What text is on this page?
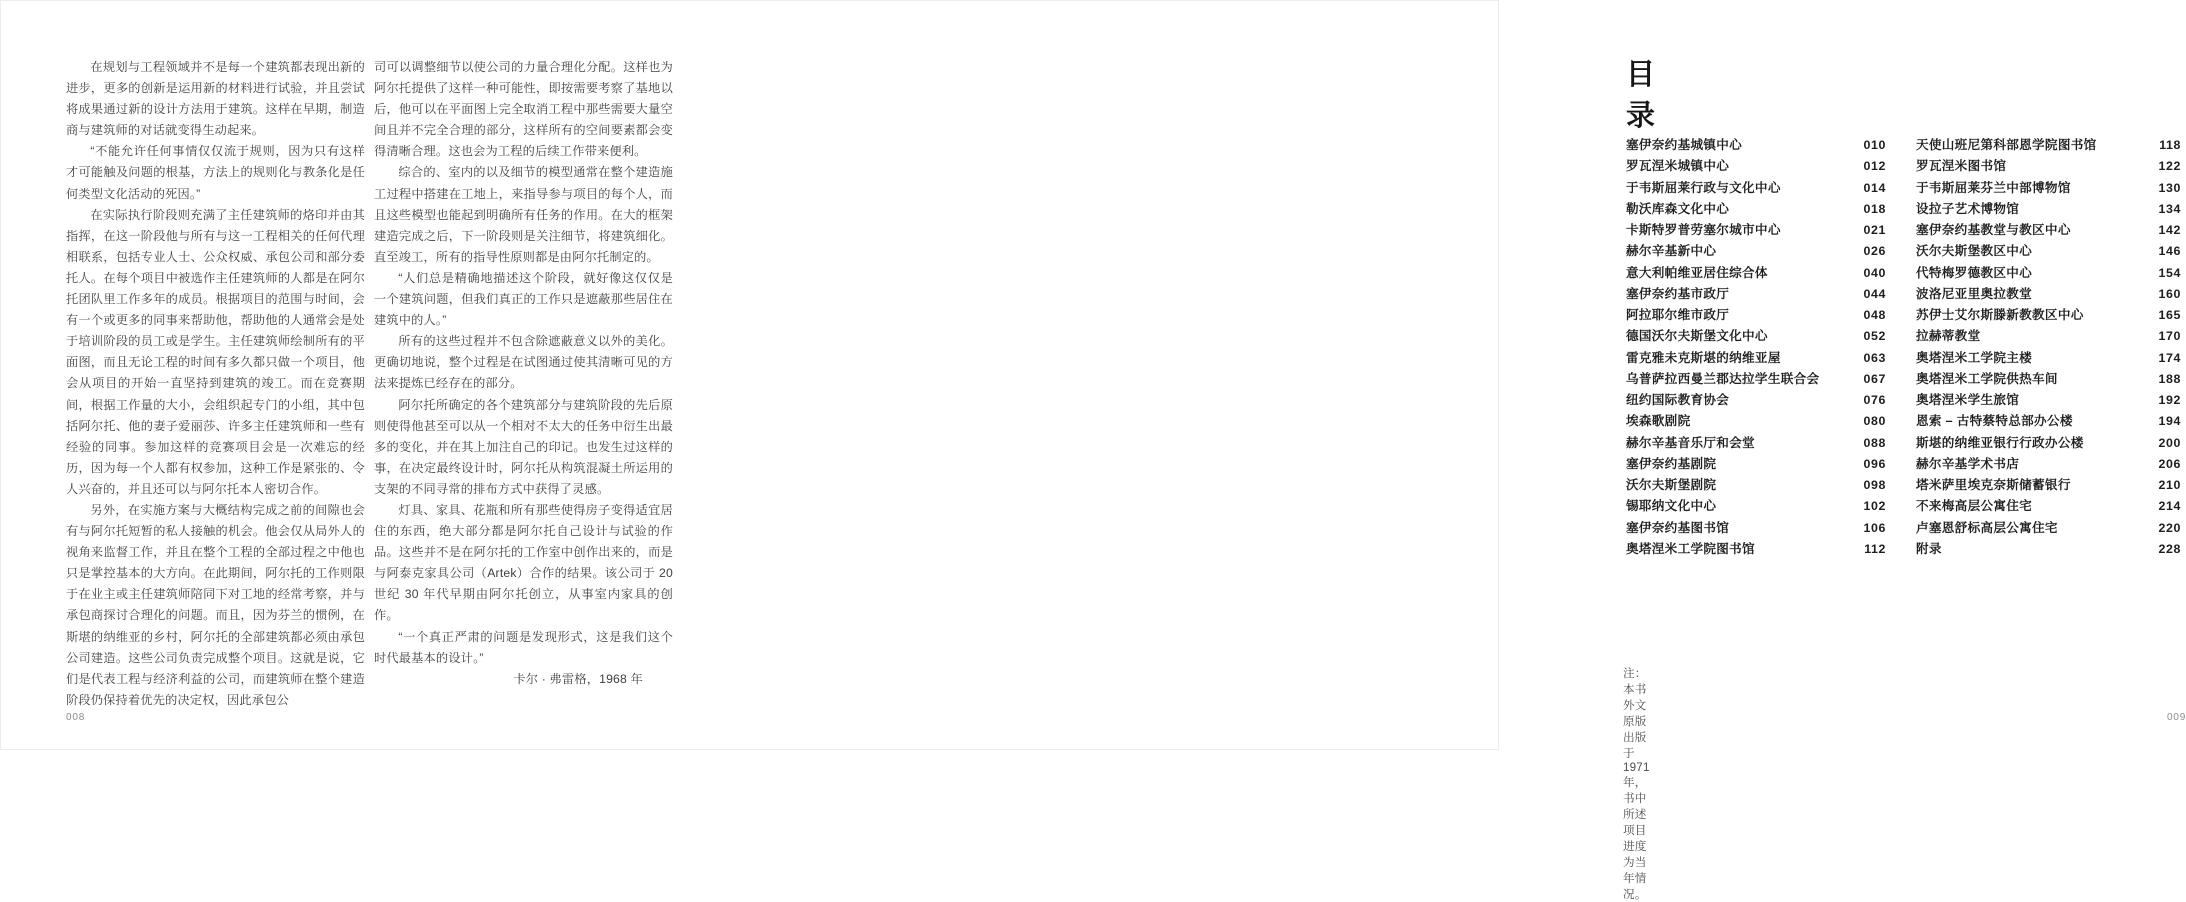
在规划与工程领域并不是每一个建筑都表现出新的进步，更多的创新是运用新的材料进行试验，并且尝试将成果通过新的设计方法用于建筑。这样在早期，制造商与建筑师的对话就变得生动起来。

“不能允许任何事情仅仅流于规则，因为只有这样才可能触及问题的根基，方法上的规则化与教条化是任何类型文化活动的死因。”

在实际执行阶段则充满了主任建筑师的烙印并由其指挥，在这一阶段他与所有与这一工程相关的任何代理相联系，包括专业人士、公众权威、承包公司和部分委托人。在每个项目中被选作主任建筑师的人都是在阿尔托团队里工作多年的成员。根据项目的范围与时间，会有一个或更多的同事来帮助他，帮助他的人通常会是处于培训阶段的员工或是学生。主任建筑师绘制所有的平面图，而且无论工程的时间有多久都只做一个项目，他会从项目的开始一直坚持到建筑的竣工。而在竞赛期间，根据工作量的大小，会组织起专门的小组，其中包括阿尔托、他的妻子爱丽莎、许多主任建筑师和一些有经验的同事。参加这样的竞赛项目会是一次难忘的经历，因为每一个人都有权参加，这种工作是紧张的、令人兴奋的，并且还可以与阿尔托本人密切合作。

另外，在实施方案与大概结构完成之前的间隙也会有与阿尔托短暂的私人接触的机会。他会仅从局外人的视角来监督工作，并且在整个工程的全部过程之中他也只是掌控基本的大方向。在此期间，阿尔托的工作则限于在业主或主任建筑师陪同下对工地的经常考察，并与承包商探讨合理化的问题。而且，因为芬兰的惯例，在斯堪的纳维亚的乡村，阿尔托的全部建筑都必须由承包公司建造。这些公司负责完成整个项目。这就是说，它们是代表工程与经济利益的公司，而建筑师在整个建造阶段仍保持着优先的决定权，因此承包公

司可以调整细节以使公司的力量合理化分配。这样也为阿尔托提供了这样一种可能性，即按需要考察了基地以后，他可以在平面图上完全取消工程中那些需要大量空间且并不完全合理的部分，这样所有的空间要素都会变得清晰合理。这也会为工程的后续工作带来便利。

综合的、室内的以及细节的模型通常在整个建造施工过程中搭建在工地上，来指导参与项目的每个人，而且这些模型也能起到明确所有任务的作用。在大的框架建造完成之后，下一阶段则是关注细节，将建筑细化。直至竣工，所有的指导性原则都是由阿尔托制定的。

“人们总是精确地描述这个阶段，就好像这仅仅是一个建筑问题，但我们真正的工作只是遮蔽那些居住在建筑中的人。”

所有的这些过程并不包含除遮蔽意义以外的美化。更确切地说，整个过程是在试图通过使其清晰可见的方法来提炼已经存在的部分。

阿尔托所确定的各个建筑部分与建筑阶段的先后原则使得他甚至可以从一个相对不太大的任务中衍生出最多的变化，并在其上加注自己的印记。也发生过这样的事，在决定最终设计时，阿尔托从构筑混凝土所运用的支架的不同寻常的排布方式中获得了灵感。

灯具、家具、花瓶和所有那些使得房子变得适宜居住的东西，绝大部分都是阿尔托自己设计与试验的作品。这些并不是在阿尔托的工作室中创作出来的，而是与阿泰克家具公司（Artek）合作的结果。该公司于 20 世纪 30 年代早期由阿尔托创立，从事室内家具的创作。

“一个真正严肃的问题是发现形式，这是我们这个时代最基本的设计。”

卡尔 · 弗雷格，1968 年

008
目 录
塞伊奈约基城镇中心	010
罗瓦涅米城镇中心	012
于韦斯屈莱行政与文化中心	014
勒沃库森文化中心	018
卡斯特罗普劳塞尔城市中心	021
赫尔辛基新中心	026
意大利帕维亚居住综合体	040
塞伊奈约基市政厅	044
阿拉耶尔维市政厅	048
德国沃尔夫斯堡文化中心	052
雷克雅未克斯堪的纳维亚屋	063
乌普萨拉西曼兰郡达拉学生联合会	067
纽约国际教育协会	076
埃森歌剧院	080
赫尔辛基音乐厅和会堂	088
塞伊奈约基剧院	096
沃尔夫斯堡剧院	098
锡耶纳文化中心	102
塞伊奈约基图书馆	106
奥塔涅米工学院图书馆	112
天使山班尼第科部恩学院图书馆	118
罗瓦涅米图书馆	122
于韦斯屈莱芬兰中部博物馆	130
设拉子艺术博物馆	134
塞伊奈约基教堂与教区中心	142
沃尔夫斯堡教区中心	146
代特梅罗德教区中心	154
波洛尼亚里奥拉教堂	160
苏伊士艾尔斯滕新教教区中心	165
拉赫蒂教堂	170
奥塔涅米工学院主楼	174
奥塔涅米工学院供热车间	188
奥塔涅米学生旅馆	192
恩索 – 古特蔡特总部办公楼	194
斯堪的纳维亚银行行政办公楼	200
赫尔辛基学术书店	206
塔米萨里埃克奈斯储蓄银行	210
不来梅高层公寓住宅	214
卢塞恩舒标高层公寓住宅	220
附录	228
注：本书外文原版出版于 1971 年，书中所述项目进度为当年情况。
009
